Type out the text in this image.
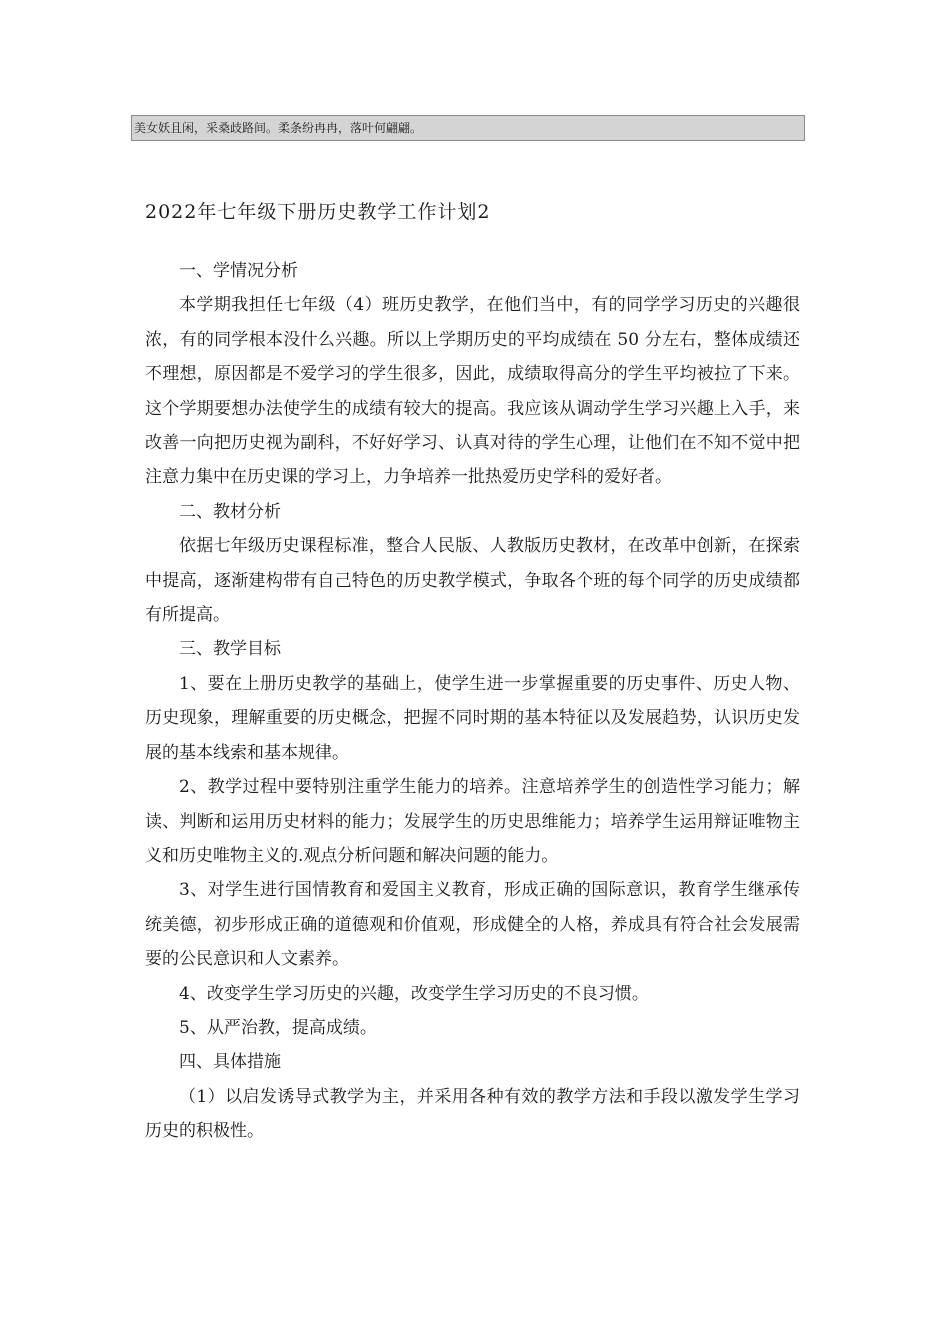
美女妖且闲，采桑歧路间。柔条纷冉冉，落叶何翩翩。
2022年七年级下册历史教学工作计划2

一、学情况分析

本学期我担任七年级（4）班历史教学，在他们当中，有的同学学习历史的兴趣很浓，有的同学根本没什么兴趣。所以上学期历史的平均成绩在 50 分左右，整体成绩还不理想，原因都是不爱学习的学生很多，因此，成绩取得高分的学生平均被拉了下来。这个学期要想办法使学生的成绩有较大的提高。我应该从调动学生学习兴趣上入手，来改善一向把历史视为副科，不好好学习、认真对待的学生心理，让他们在不知不觉中把注意力集中在历史课的学习上，力争培养一批热爱历史学科的爱好者。

二、教材分析

依据七年级历史课程标准，整合人民版、人教版历史教材，在改革中创新，在探索中提高，逐渐建构带有自己特色的历史教学模式，争取各个班的每个同学的历史成绩都有所提高。

三、教学目标

1、要在上册历史教学的基础上，使学生进一步掌握重要的历史事件、历史人物、历史现象，理解重要的历史概念，把握不同时期的基本特征以及发展趋势，认识历史发展的基本线索和基本规律。

2、教学过程中要特别注重学生能力的培养。注意培养学生的创造性学习能力；解读、判断和运用历史材料的能力；发展学生的历史思维能力；培养学生运用辩证唯物主义和历史唯物主义的.观点分析问题和解决问题的能力。

3、对学生进行国情教育和爱国主义教育，形成正确的国际意识，教育学生继承传统美德，初步形成正确的道德观和价值观，形成健全的人格，养成具有符合社会发展需要的公民意识和人文素养。

4、改变学生学习历史的兴趣，改变学生学习历史的不良习惯。

5、从严治教，提高成绩。

四、具体措施

（1）以启发诱导式教学为主，并采用各种有效的教学方法和手段以激发学生学习历史的积极性。
